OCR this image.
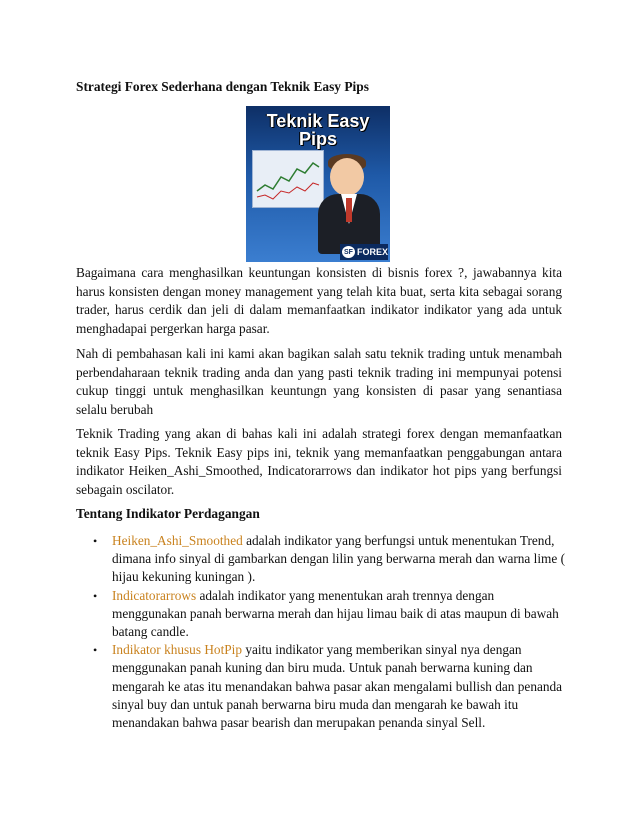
Strategi Forex Sederhana dengan Teknik Easy Pips
Teknik Easy Pips
SF FOREX

Bagaimana cara menghasilkan keuntungan konsisten di bisnis forex ?, jawabannya kita harus konsisten dengan money management yang telah kita buat, serta kita sebagai sorang trader, harus cerdik dan jeli di dalam memanfaatkan indikator indikator yang ada untuk menghadapai pergerkan harga pasar.

Nah di pembahasan kali ini kami akan bagikan salah satu teknik trading untuk menambah perbendaharaan teknik trading anda dan yang pasti teknik trading ini mempunyai potensi cukup tinggi untuk menghasilkan keuntungn yang konsisten di pasar yang senantiasa selalu berubah

Teknik Trading yang akan di bahas kali ini adalah strategi forex dengan memanfaatkan teknik Easy Pips. Teknik Easy pips ini, teknik yang memanfaatkan penggabungan antara indikator Heiken_Ashi_Smoothed, Indicatorarrows dan indikator hot pips yang berfungsi sebagain oscilator.

Tentang Indikator Perdagangan
• Heiken_Ashi_Smoothed adalah indikator yang berfungsi untuk menentukan Trend, dimana info sinyal di gambarkan dengan lilin yang berwarna merah dan warna lime ( hijau kekuning kuningan ).
• Indicatorarrows adalah indikator yang menentukan arah trennya dengan menggunakan panah berwarna merah dan hijau limau baik di atas maupun di bawah batang candle.
• Indikator khusus HotPip yaitu indikator yang memberikan sinyal nya dengan menggunakan panah kuning dan biru muda. Untuk panah berwarna kuning dan mengarah ke atas itu menandakan bahwa pasar akan mengalami bullish dan penanda sinyal buy dan untuk panah berwarna biru muda dan mengarah ke bawah itu menandakan bahwa pasar bearish dan merupakan penanda sinyal Sell.
